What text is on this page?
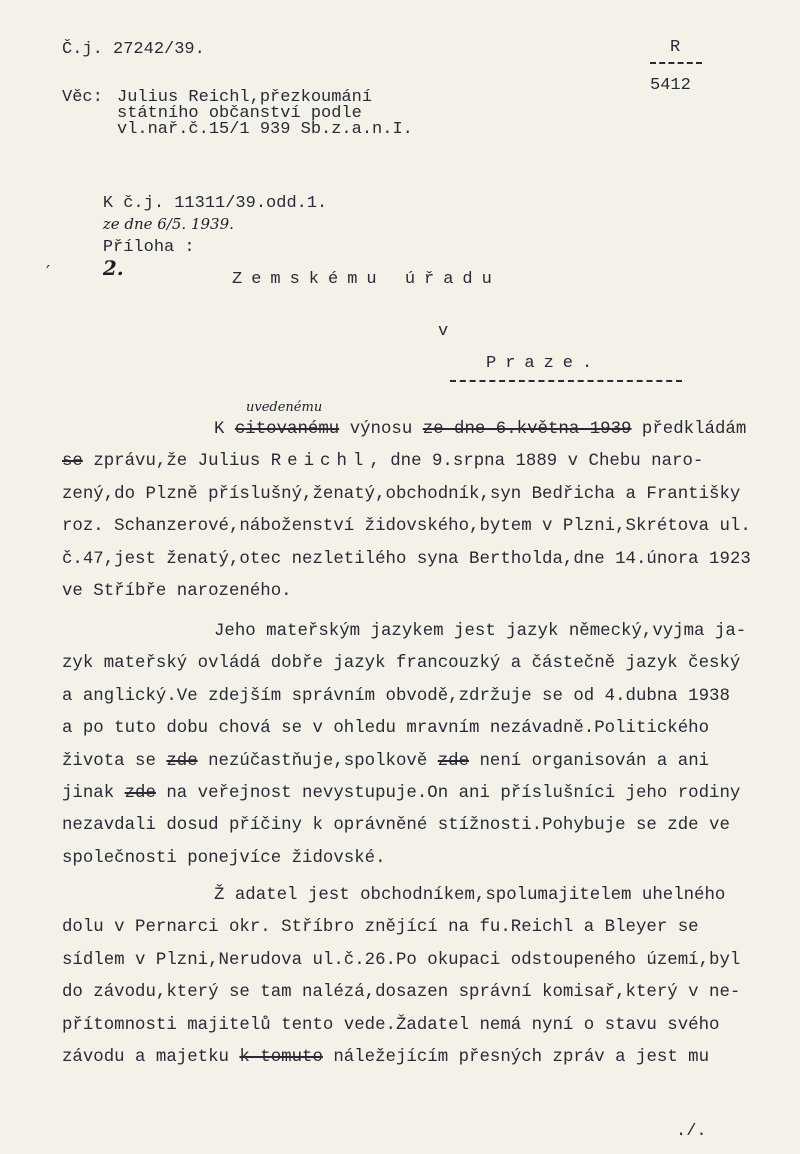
Č.j. 27242/39.	R
5412
Věc: Julius Reichl,přezkoumání
státního občanství podle
vl.nař.č.15/1 939 Sb.z.a.n.I.

K č.j. 11311/39.odd.1.
ze dne 6/5. 1939.

Příloha :
2.

′	Zemskému úřadu
v
Praze.
uvedenému
K citovanému výnosu ze dne 6.května 1939 předkládám
se zprávu,že Julius Reichl, dne 9.srpna 1889 v Chebu naro-
zený,do Plzně příslušný,ženatý,obchodník,syn Bedřicha a Františky
roz. Schanzerové,náboženství židovského,bytem v Plzni,Skrétova ul.
č.47,jest ženatý,otec nezletilého syna Bertholda,dne 14.února 1923
ve Stříbře narozeného.
Jeho mateřským jazykem jest jazyk německý,vyjma ja-
zyk mateřský ovládá dobře jazyk francouzký a částečně jazyk český
a anglický.Ve zdejším správním obvodě,zdržuje se od 4.dubna 1938
a po tuto dobu chová se v ohledu mravním nezávadně.Politického
života se zde nezúčastňuje,spolkově zde není organisován a ani
jinak zde na veřejnost nevystupuje.On ani příslušníci jeho rodiny
nezavdali dosud příčiny k oprávněné stížnosti.Pohybuje se zde ve
společnosti ponejvíce židovské.
Ž adatel jest obchodníkem,spolumajitelem uhelného
dolu v Pernarci okr. Stříbro znějící na fu.Reichl a Bleyer se
sídlem v Plzni,Nerudova ul.č.26.Po okupaci odstoupeného území,byl
do závodu,který se tam nalézá,dosazen správní komisař,který v ne-
přítomnosti majitelů tento vede.Žadatel nemá nyní o stavu svého
závodu a majetku k tomuto náležejícím přesných zpráv a jest mu
./.
